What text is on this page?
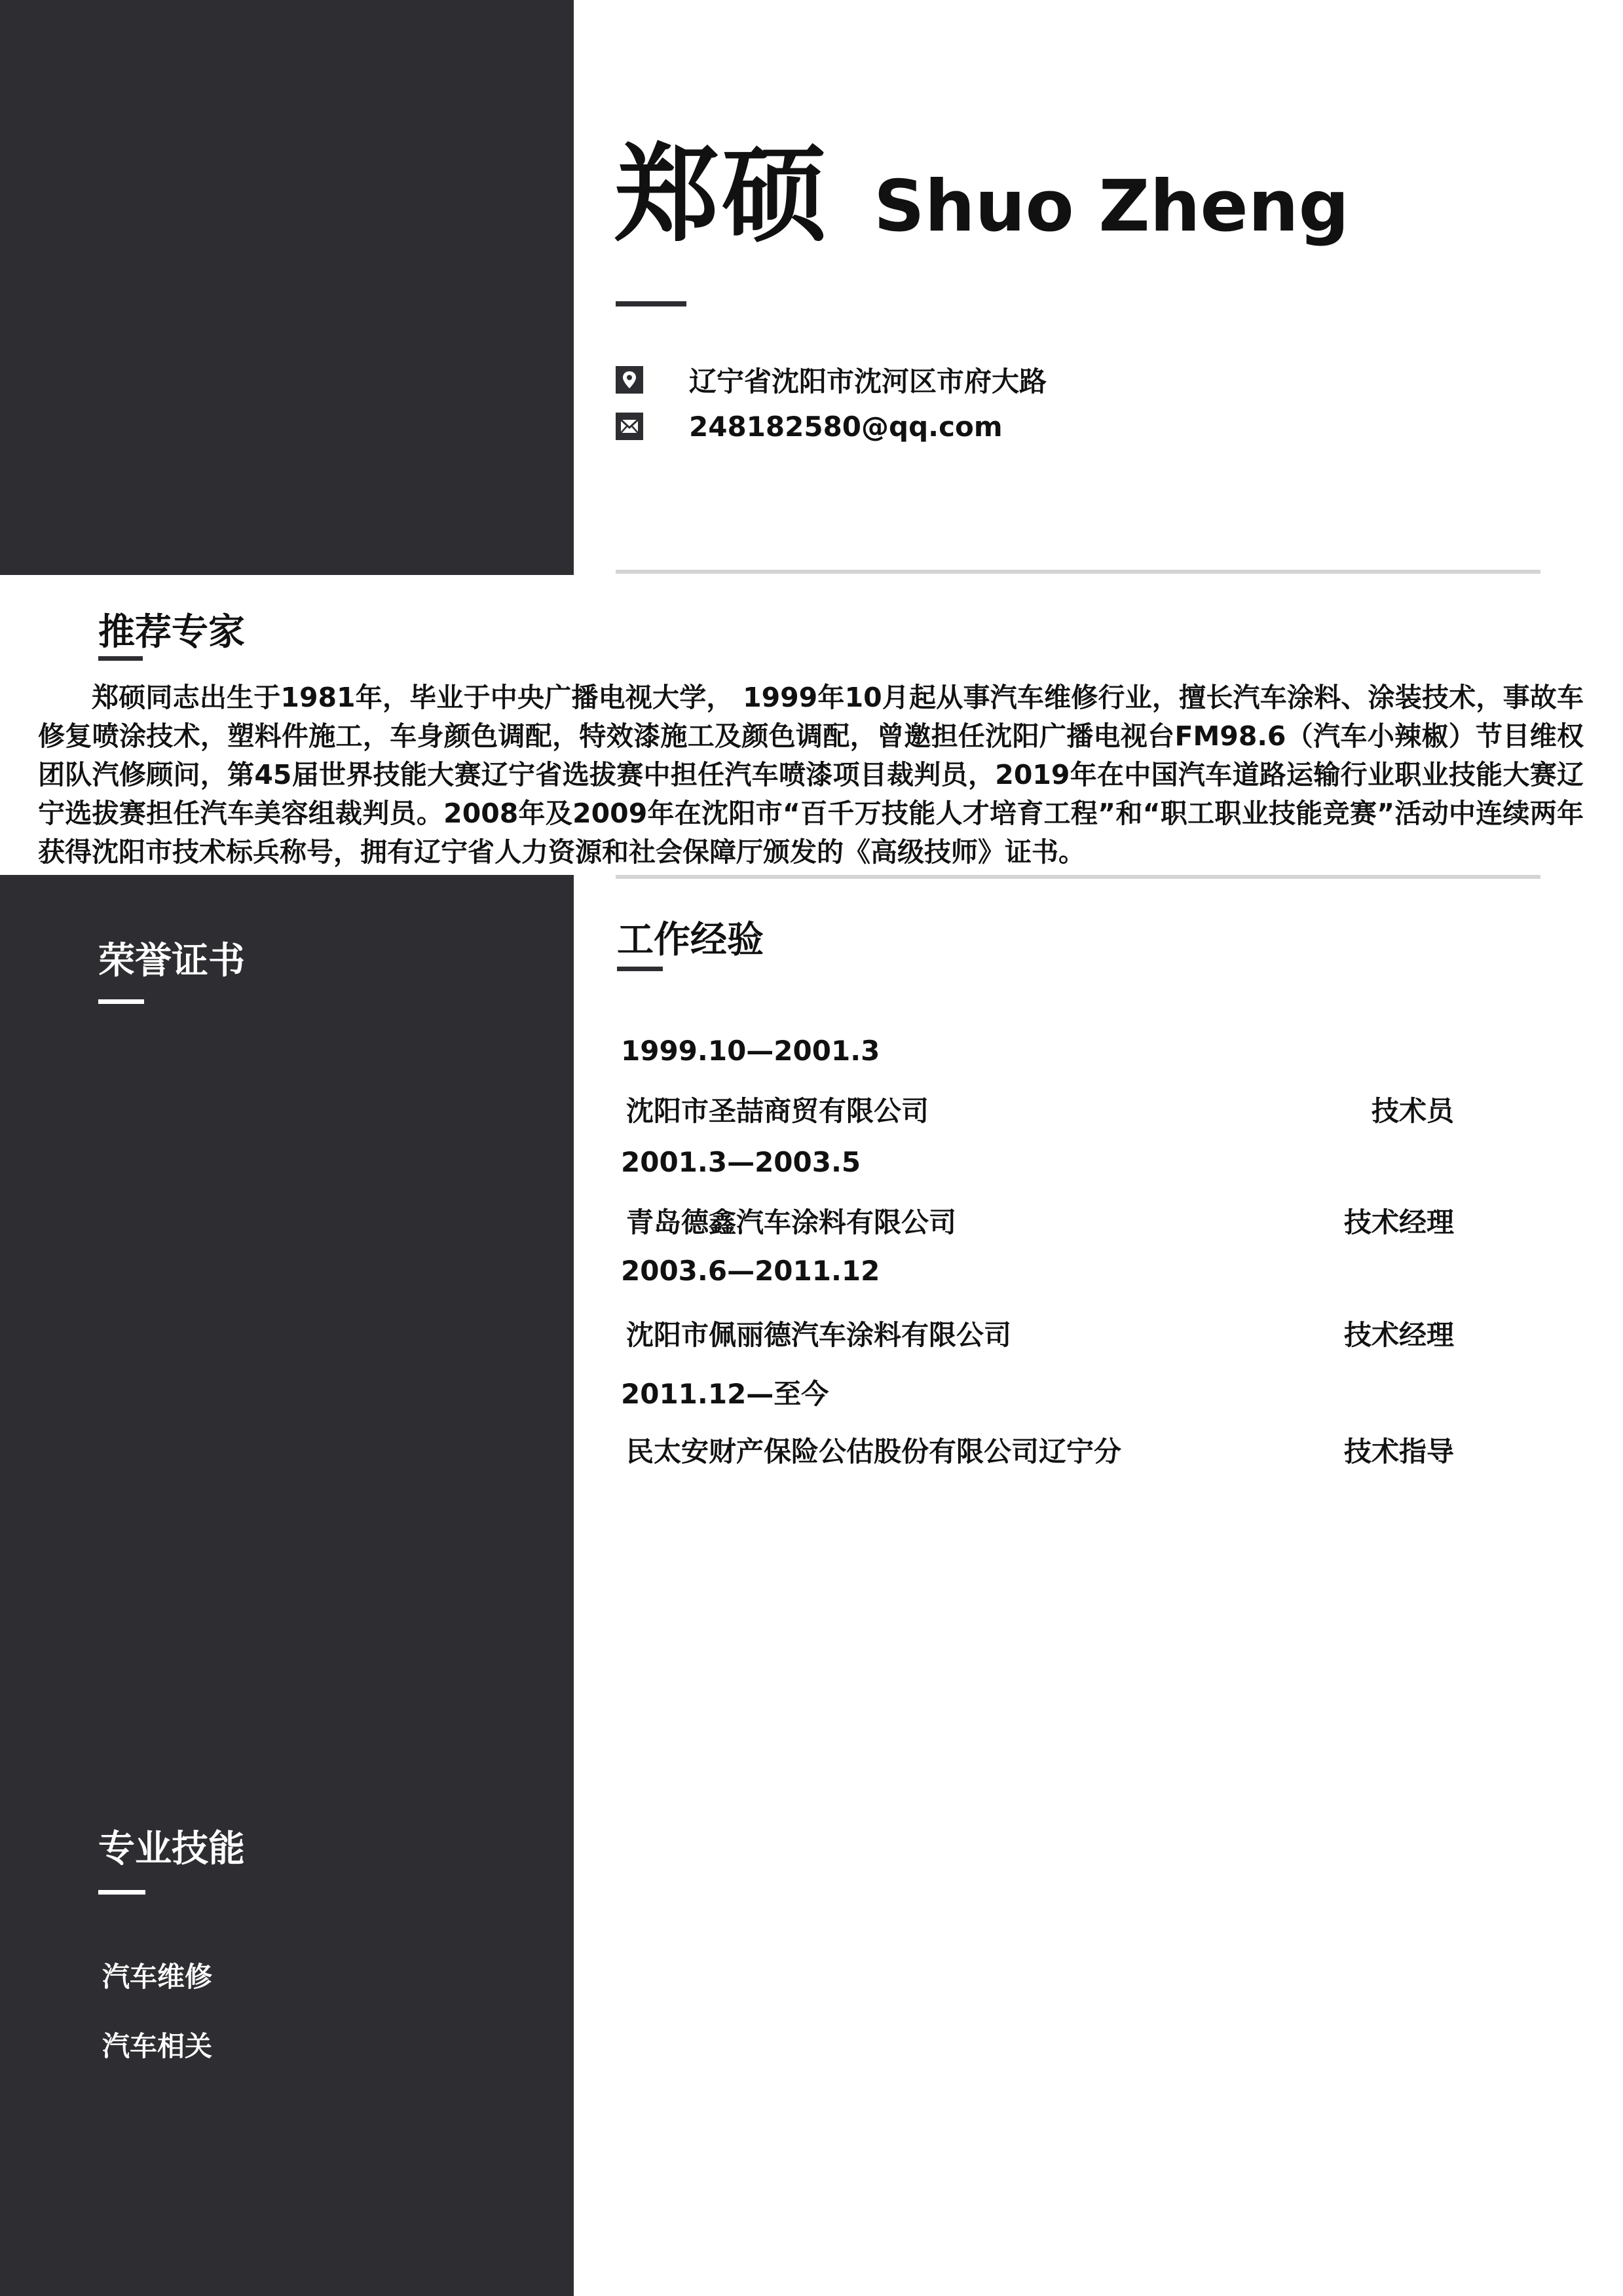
郑硕 Shuo Zheng
辽宁省沈阳市沈河区市府大路
248182580@qq.com
推荐专家
郑硕同志出生于1981年，毕业于中央广播电视大学， 1999年10月起从事汽车维修行业，擅长汽车涂料、涂装技术，事故车修复喷涂技术，塑料件施工，车身颜色调配，特效漆施工及颜色调配，曾邀担任沈阳广播电视台FM98.6（汽车小辣椒）节目维权团队汽修顾问，第45届世界技能大赛辽宁省选拔赛中担任汽车喷漆项目裁判员，2019年在中国汽车道路运输行业职业技能大赛辽宁选拔赛担任汽车美容组裁判员。2008年及2009年在沈阳市“百千万技能人才培育工程”和“职工职业技能竞赛”活动中连续两年获得沈阳市技术标兵称号，拥有辽宁省人力资源和社会保障厅颁发的《高级技师》证书。
荣誉证书	工作经验
1999.10—2001.3
沈阳市圣喆商贸有限公司	技术员
2001.3—2003.5
青岛德鑫汽车涂料有限公司	技术经理
2003.6—2011.12
沈阳市佩丽德汽车涂料有限公司	技术经理
2011.12—至今
民太安财产保险公估股份有限公司辽宁分	技术指导
专业技能
汽车维修
汽车相关
